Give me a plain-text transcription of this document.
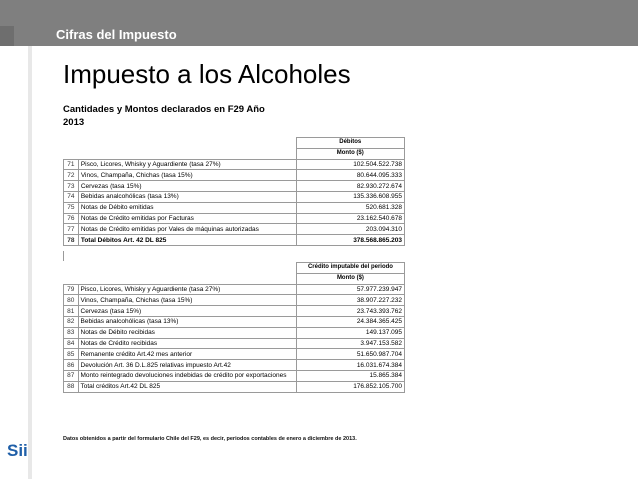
Cifras del Impuesto
Sii
Impuesto a los Alcoholes
Cantidades y Montos declarados en F29 Año 2013
		Débitos
		Monto ($)
71	Pisco, Licores, Whisky y Aguardiente (tasa 27%)	102.504.522.738
72	Vinos, Champaña, Chichas (tasa 15%)	80.644.095.333
73	Cervezas (tasa 15%)	82.930.272.674
74	Bebidas analcohólicas (tasa 13%)	135.336.608.955
75	Notas de Débito emitidas	520.681.328
76	Notas de Crédito emitidas por Facturas	23.162.540.678
77	Notas de Crédito emitidas por Vales de máquinas autorizadas	203.094.310
78	Total Débitos Art. 42 DL 825	378.568.865.203
		Crédito imputable del periodo
		Monto ($)
79	Pisco, Licores, Whisky y Aguardiente (tasa 27%)	57.977.239.947
80	Vinos, Champaña, Chichas (tasa 15%)	38.907.227.232
81	Cervezas (tasa 15%)	23.743.393.762
82	Bebidas analcohólicas (tasa 13%)	24.384.365.425
83	Notas de Débito recibidas	149.137.095
84	Notas de Crédito recibidas	3.947.153.582
85	Remanente crédito Art.42 mes anterior	51.650.987.704
86	Devolución Art. 36 D.L.825 relativas impuesto Art.42	16.031.674.384
87	Monto reintegrado devoluciones indebidas de crédito por exportaciones	15.865.384
88	Total créditos Art.42 DL 825	176.852.105.700
Datos obtenidos a partir del formulario Chile del F29, es decir, periodos contables de enero a diciembre de 2013.
